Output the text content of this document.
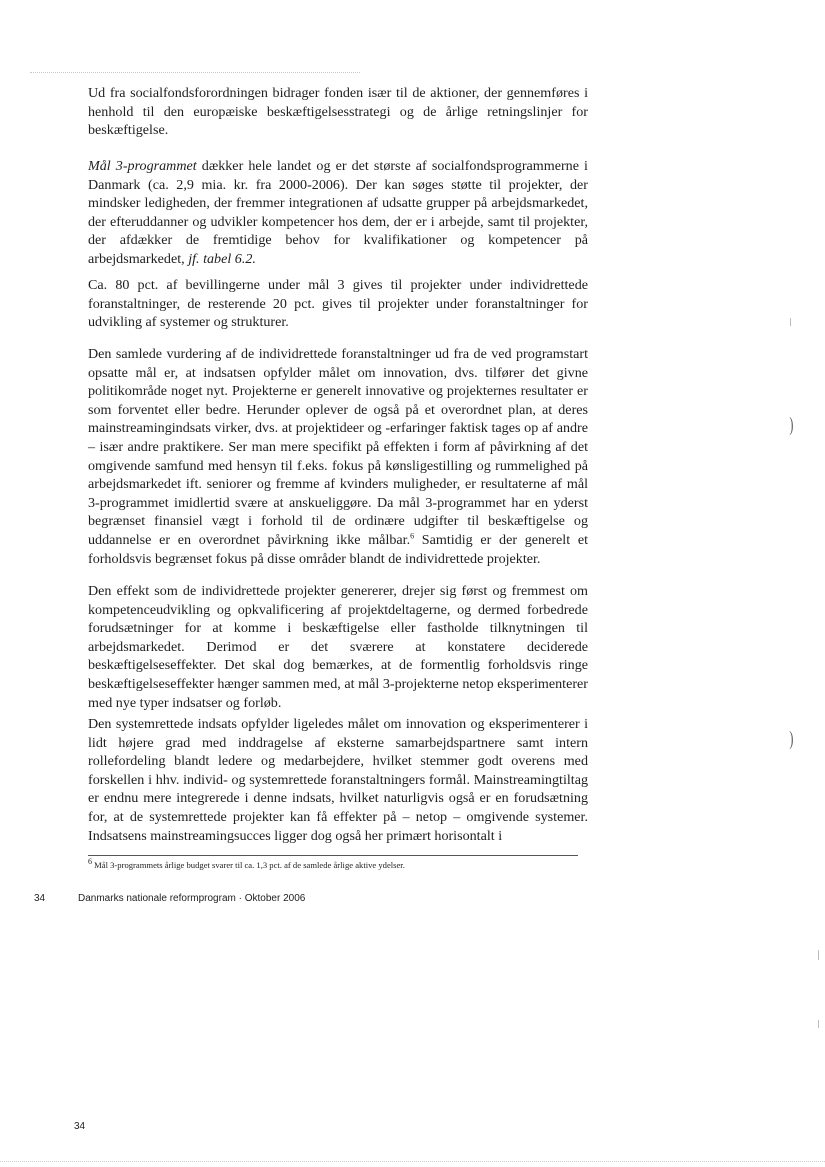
Ud fra socialfondsforordningen bidrager fonden især til de aktioner, der gennemføres i henhold til den europæiske beskæftigelsesstrategi og de årlige retningslinjer for beskæftigelse.

Mål 3-programmet dækker hele landet og er det største af socialfondsprogrammerne i Danmark (ca. 2,9 mia. kr. fra 2000-2006). Der kan søges støtte til projekter, der mindsker ledigheden, der fremmer integrationen af udsatte grupper på arbejdsmarkedet, der efteruddanner og udvikler kompetencer hos dem, der er i arbejde, samt til projekter, der afdækker de fremtidige behov for kvalifikationer og kompetencer på arbejdsmarkedet, jf. tabel 6.2.

Ca. 80 pct. af bevillingerne under mål 3 gives til projekter under individrettede foranstaltninger, de resterende 20 pct. gives til projekter under foranstaltninger for udvikling af systemer og strukturer.

Den samlede vurdering af de individrettede foranstaltninger ud fra de ved programstart opsatte mål er, at indsatsen opfylder målet om innovation, dvs. tilfører det givne politikområde noget nyt. Projekterne er generelt innovative og projekternes resultater er som forventet eller bedre. Herunder oplever de også på et overordnet plan, at deres mainstreamingindsats virker, dvs. at projektideer og -erfaringer faktisk tages op af andre – især andre praktikere. Ser man mere specifikt på effekten i form af påvirkning af det omgivende samfund med hensyn til f.eks. fokus på kønsligestilling og rummelighed på arbejdsmarkedet ift. seniorer og fremme af kvinders muligheder, er resultaterne af mål 3-programmet imidlertid svære at anskueliggøre. Da mål 3-programmet har en yderst begrænset finansiel vægt i forhold til de ordinære udgifter til beskæftigelse og uddannelse er en overordnet påvirkning ikke målbar.$^6$ Samtidig er der generelt et forholdsvis begrænset fokus på disse områder blandt de individrettede projekter.

Den effekt som de individrettede projekter genererer, drejer sig først og fremmest om kompetenceudvikling og opkvalificering af projektdeltagerne, og dermed forbedrede forudsætninger for at komme i beskæftigelse eller fastholde tilknytningen til arbejdsmarkedet. Derimod er det sværere at konstatere deciderede beskæftigelseseffekter. Det skal dog bemærkes, at de formentlig forholdsvis ringe beskæftigelseseffekter hænger sammen med, at mål 3-projekterne netop eksperimenterer med nye typer indsatser og forløb.

Den systemrettede indsats opfylder ligeledes målet om innovation og eksperimenterer i lidt højere grad med inddragelse af eksterne samarbejdspartnere samt intern rollefordeling blandt ledere og medarbejdere, hvilket stemmer godt overens med forskellen i hhv. individ- og systemrettede foranstaltningers formål. Mainstreamingtiltag er endnu mere integrerede i denne indsats, hvilket naturligvis også er en forudsætning for, at de systemrettede projekter kan få effekter på – netop – omgivende systemer. Indsatsens mainstreamingsucces ligger dog også her primært horisontalt i

$^6$ Mål 3-programmets årlige budget svarer til ca. 1,3 pct. af de samlede årlige aktive ydelser.
34	Danmarks nationale reformprogram · Oktober 2006
)
)
34
